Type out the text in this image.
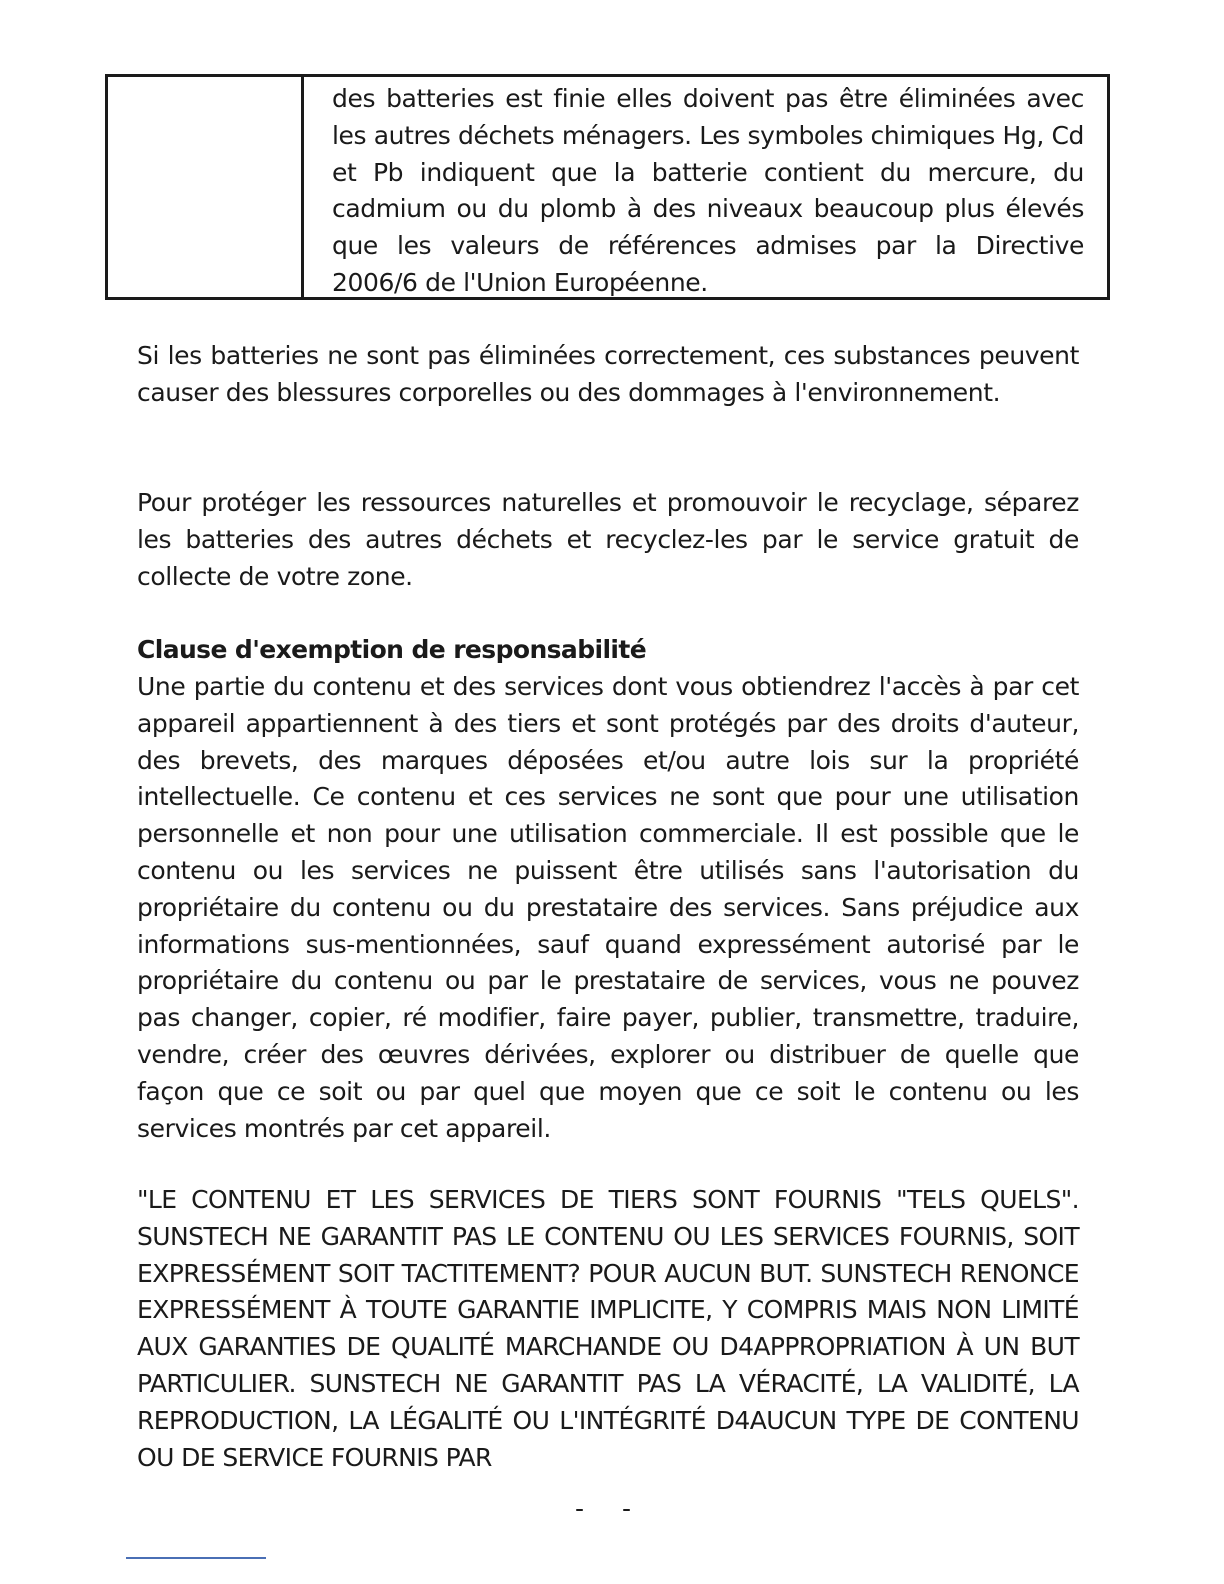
des batteries est finie elles doivent pas être éliminées avec les autres déchets ménagers. Les symboles chimiques Hg, Cd et Pb indiquent que la batterie contient du mercure, du cadmium ou du plomb à des niveaux beaucoup plus élevés que les valeurs de références admises par la Directive 2006/6 de l'Union Européenne.

Si les batteries ne sont pas éliminées correctement, ces substances peuvent causer des blessures corporelles ou des dommages à l'environnement.

Pour protéger les ressources naturelles et promouvoir le recyclage, séparez les batteries des autres déchets et recyclez-les par le service gratuit de collecte de votre zone.

Clause d'exemption de responsabilité

Une partie du contenu et des services dont vous obtiendrez l'accès à par cet appareil appartiennent à des tiers et sont protégés par des droits d'auteur, des brevets, des marques déposées et/ou autre lois sur la propriété intellectuelle. Ce contenu et ces services ne sont que pour une utilisation personnelle et non pour une utilisation commerciale. Il est possible que le contenu ou les services ne puissent être utilisés sans l'autorisation du propriétaire du contenu ou du prestataire des services. Sans préjudice aux informations sus-mentionnées, sauf quand expressément autorisé par le propriétaire du contenu ou par le prestataire de services, vous ne pouvez pas changer, copier, ré modifier, faire payer, publier, transmettre, traduire, vendre, créer des œuvres dérivées, explorer ou distribuer de quelle que façon que ce soit ou par quel que moyen que ce soit le contenu ou les services montrés par cet appareil.

"LE CONTENU ET LES SERVICES DE TIERS SONT FOURNIS "TELS QUELS". SUNSTECH NE GARANTIT PAS LE CONTENU OU LES SERVICES FOURNIS, SOIT EXPRESSÉMENT SOIT TACTITEMENT? POUR AUCUN BUT. SUNSTECH RENONCE EXPRESSÉMENT À TOUTE GARANTIE IMPLICITE, Y COMPRIS MAIS NON LIMITÉ AUX GARANTIES DE QUALITÉ MARCHANDE OU D4APPROPRIATION À UN BUT PARTICULIER. SUNSTECH NE GARANTIT PAS LA VÉRACITÉ, LA VALIDITÉ, LA REPRODUCTION, LA LÉGALITÉ OU L'INTÉGRITÉ D4AUCUN TYPE DE CONTENU OU DE SERVICE FOURNIS PAR

- -
